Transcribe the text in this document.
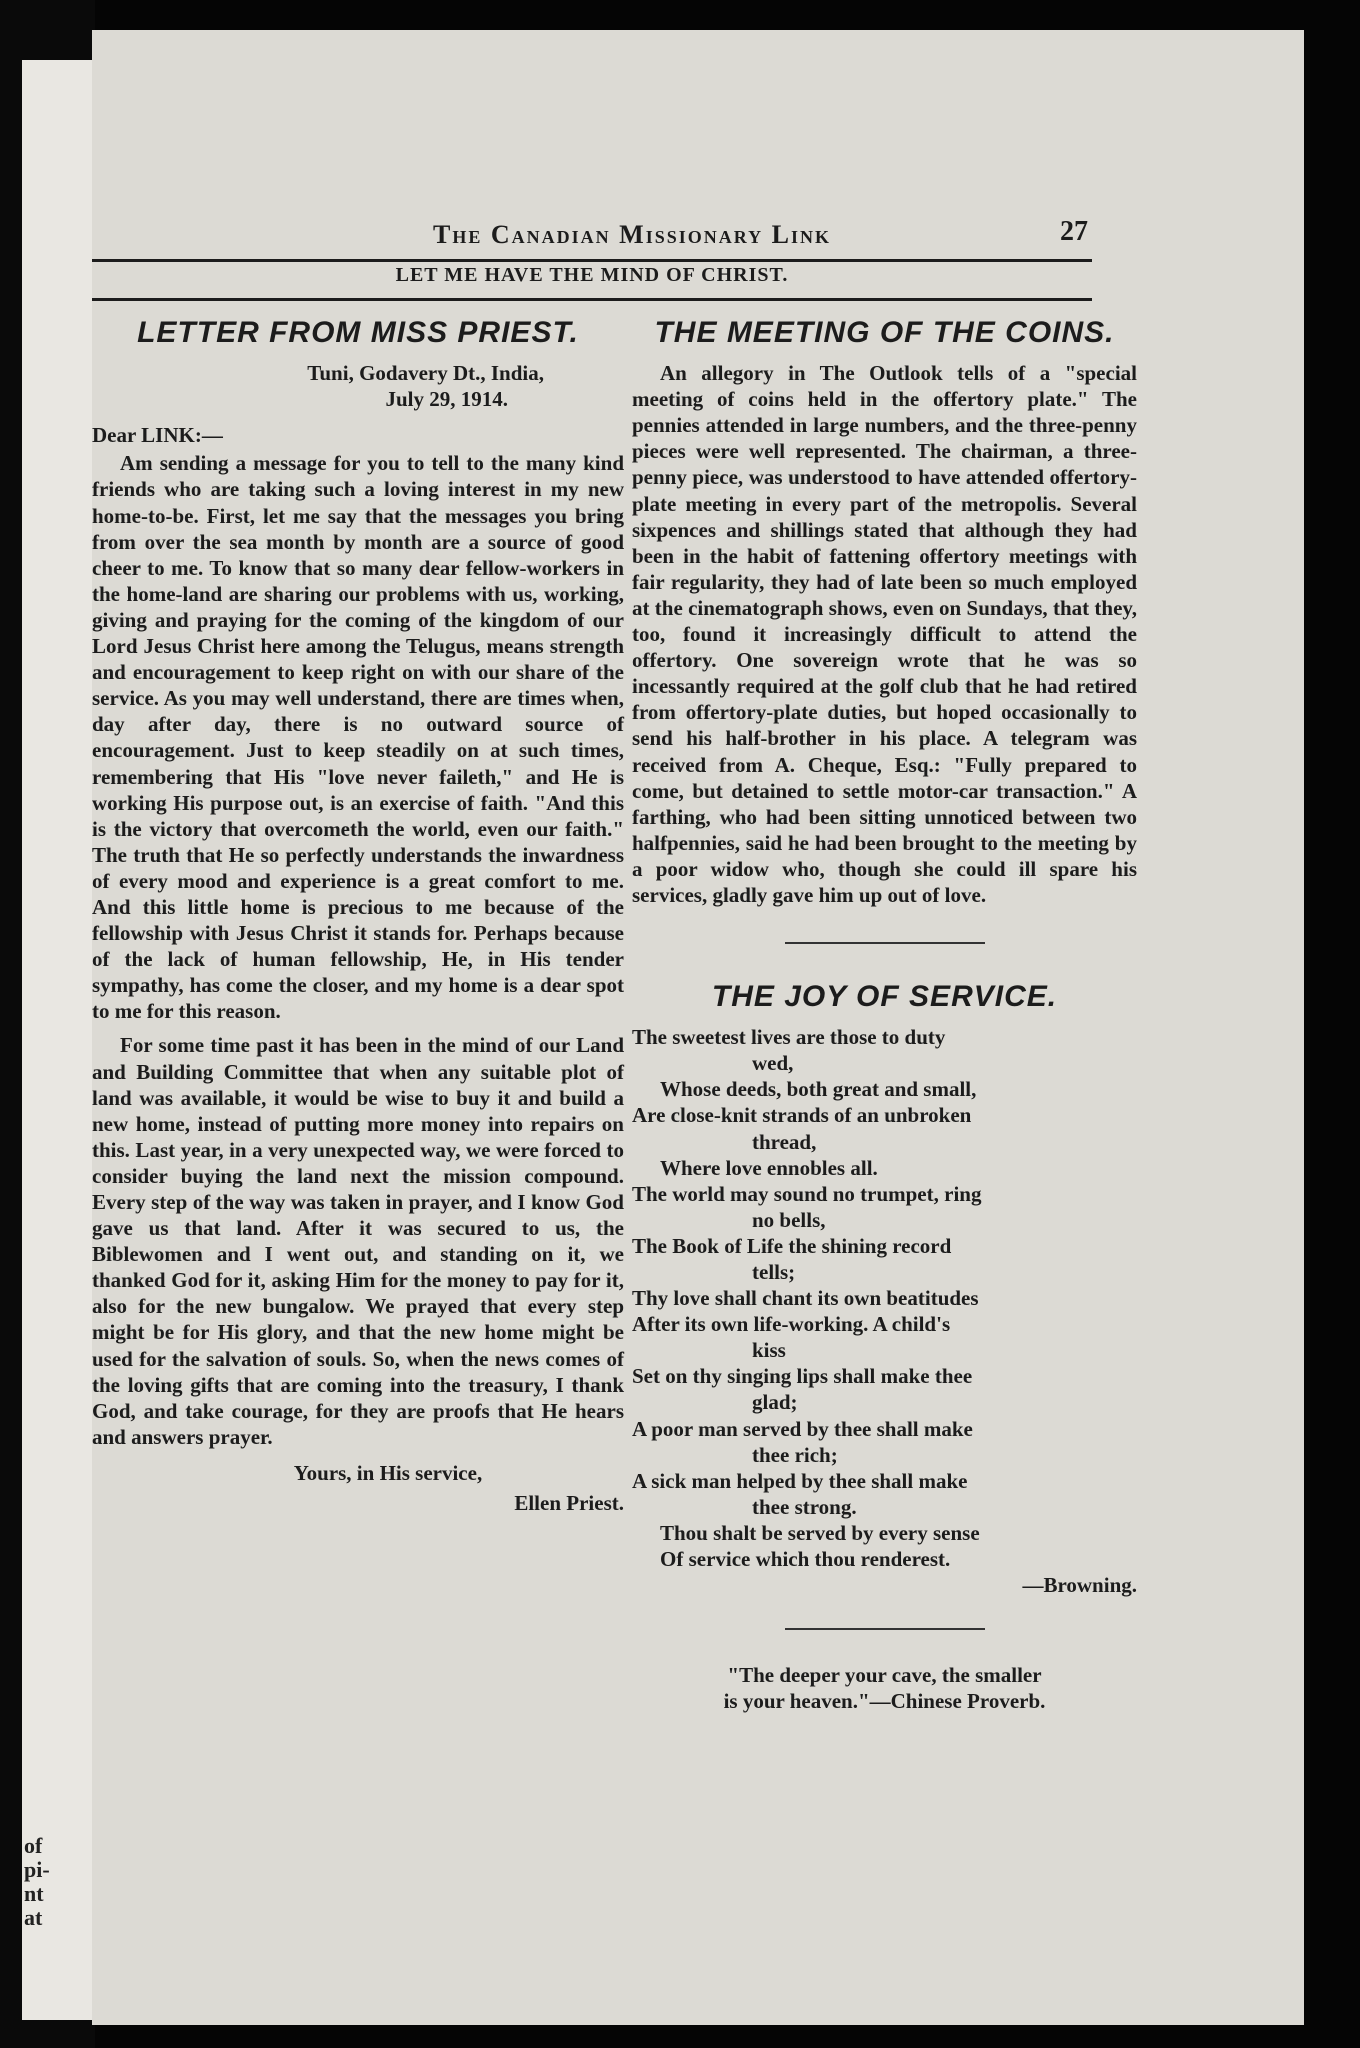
of
pi-
nt
at
The Canadian Missionary Link	27
LET ME HAVE THE MIND OF CHRIST.
LETTER FROM MISS PRIEST.

Tuni, Godavery Dt., India,

July 29, 1914.

Dear LINK:—

Am sending a message for you to tell to the many kind friends who are taking such a loving interest in my new home-to-be. First, let me say that the messages you bring from over the sea month by month are a source of good cheer to me. To know that so many dear fellow-workers in the home-land are sharing our problems with us, working, giving and praying for the coming of the kingdom of our Lord Jesus Christ here among the Telugus, means strength and encouragement to keep right on with our share of the service. As you may well understand, there are times when, day after day, there is no outward source of encouragement. Just to keep steadily on at such times, remembering that His "love never faileth," and He is working His purpose out, is an exercise of faith. "And this is the victory that overcometh the world, even our faith." The truth that He so perfectly understands the inwardness of every mood and experience is a great comfort to me. And this little home is precious to me because of the fellowship with Jesus Christ it stands for. Perhaps because of the lack of human fellowship, He, in His tender sympathy, has come the closer, and my home is a dear spot to me for this reason.

For some time past it has been in the mind of our Land and Building Committee that when any suitable plot of land was available, it would be wise to buy it and build a new home, instead of putting more money into repairs on this. Last year, in a very unexpected way, we were forced to consider buying the land next the mission compound. Every step of the way was taken in prayer, and I know God gave us that land. After it was secured to us, the Biblewomen and I went out, and standing on it, we thanked God for it, asking Him for the money to pay for it, also for the new bungalow. We prayed that every step might be for His glory, and that the new home might be used for the salvation of souls. So, when the news comes of the loving gifts that are coming into the treasury, I thank God, and take courage, for they are proofs that He hears and answers prayer.

Yours, in His service,

Ellen Priest.

THE MEETING OF THE COINS.

An allegory in The Outlook tells of a "special meeting of coins held in the offertory plate." The pennies attended in large numbers, and the three-penny pieces were well represented. The chairman, a three-penny piece, was understood to have attended offertory-plate meeting in every part of the metropolis. Several sixpences and shillings stated that although they had been in the habit of fattening offertory meetings with fair regularity, they had of late been so much employed at the cinematograph shows, even on Sundays, that they, too, found it increasingly difficult to attend the offertory. One sovereign wrote that he was so incessantly required at the golf club that he had retired from offertory-plate duties, but hoped occasionally to send his half-brother in his place. A telegram was received from A. Cheque, Esq.: "Fully prepared to come, but detained to settle motor-car transaction." A farthing, who had been sitting unnoticed between two halfpennies, said he had been brought to the meeting by a poor widow who, though she could ill spare his services, gladly gave him up out of love.

THE JOY OF SERVICE.

The sweetest lives are those to duty

wed,

Whose deeds, both great and small,

Are close-knit strands of an unbroken

thread,

Where love ennobles all.

The world may sound no trumpet, ring

no bells,

The Book of Life the shining record

tells;

Thy love shall chant its own beatitudes

After its own life-working. A child's

kiss

Set on thy singing lips shall make thee

glad;

A poor man served by thee shall make

thee rich;

A sick man helped by thee shall make

thee strong.

Thou shalt be served by every sense

Of service which thou renderest.

—Browning.

"The deeper your cave, the smaller

is your heaven."—Chinese Proverb.
